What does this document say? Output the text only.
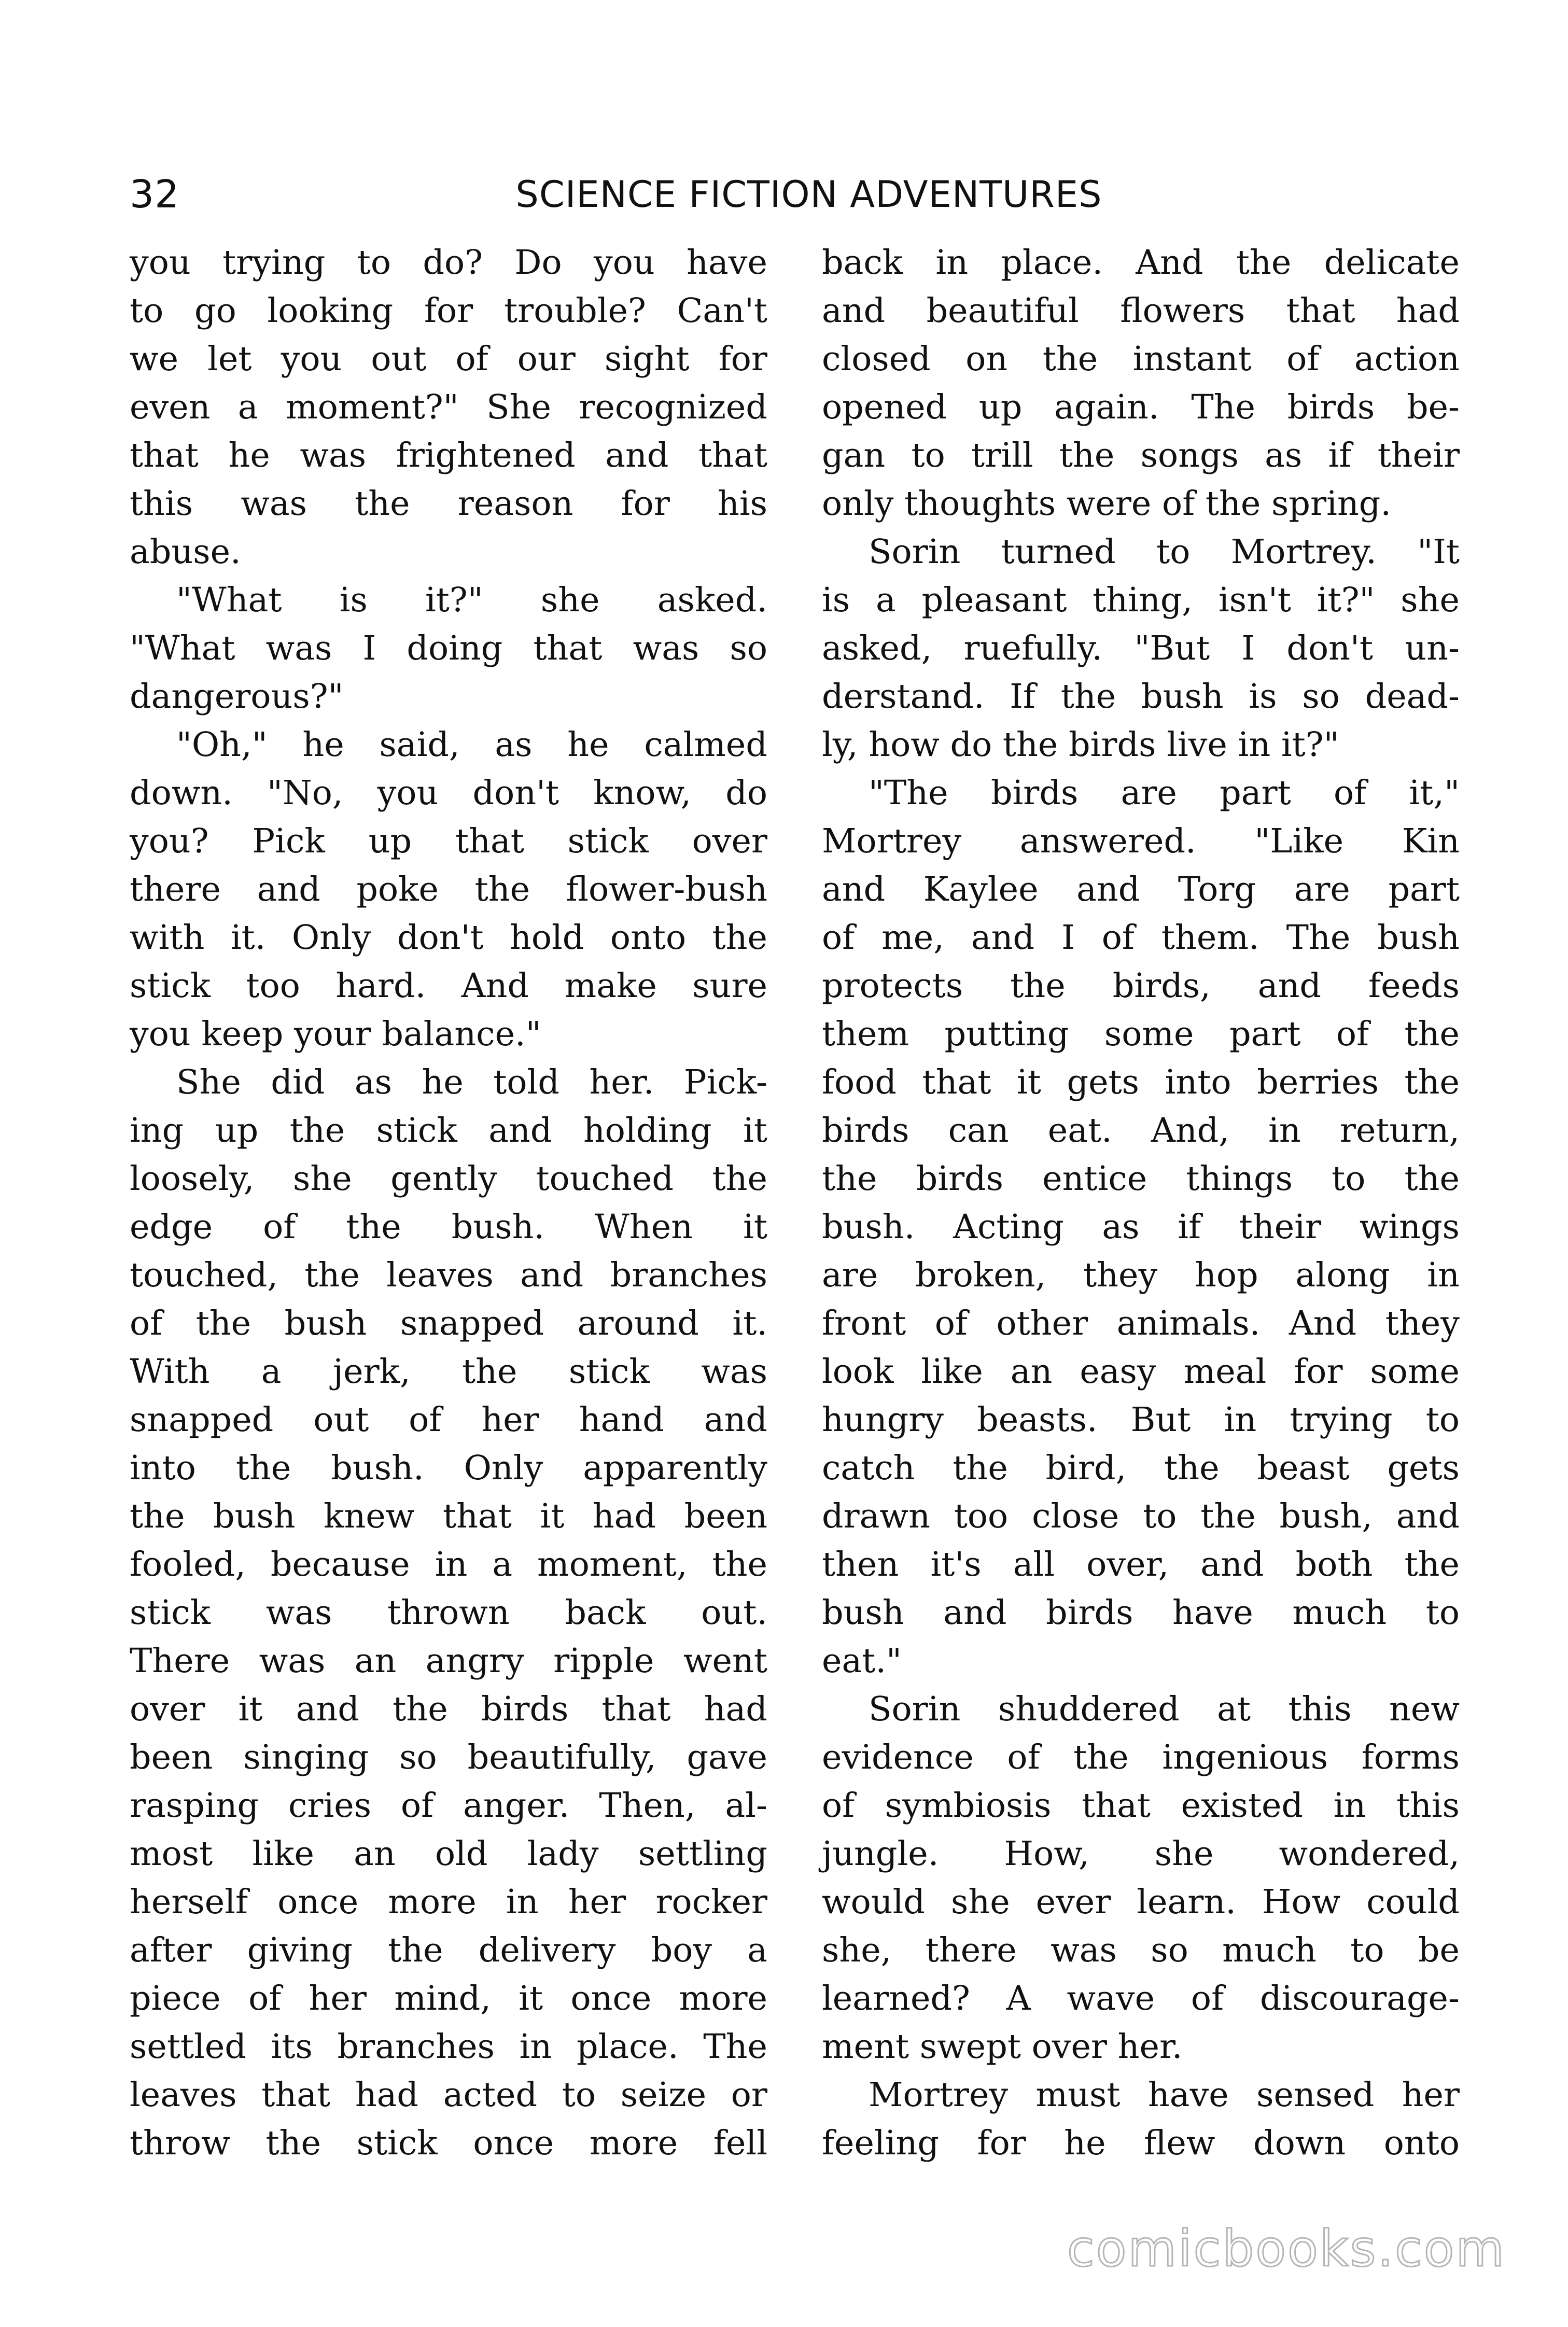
32	SCIENCE FICTION ADVENTURES
you trying to do? Do you have
to go looking for trouble? Can't
we let you out of our sight for
even a moment?" She recognized
that he was frightened and that
this was the reason for his
abuse.
"What is it?" she asked.
"What was I doing that was so
dangerous?"
"Oh," he said, as he calmed
down. "No, you don't know, do
you? Pick up that stick over
there and poke the flower-bush
with it. Only don't hold onto the
stick too hard. And make sure
you keep your balance."
She did as he told her. Pick-
ing up the stick and holding it
loosely, she gently touched the
edge of the bush. When it
touched, the leaves and branches
of the bush snapped around it.
With a jerk, the stick was
snapped out of her hand and
into the bush. Only apparently
the bush knew that it had been
fooled, because in a moment, the
stick was thrown back out.
There was an angry ripple went
over it and the birds that had
been singing so beautifully, gave
rasping cries of anger. Then, al-
most like an old lady settling
herself once more in her rocker
after giving the delivery boy a
piece of her mind, it once more
settled its branches in place. The
leaves that had acted to seize or
throw the stick once more fell
back in place. And the delicate
and beautiful flowers that had
closed on the instant of action
opened up again. The birds be-
gan to trill the songs as if their
only thoughts were of the spring.
Sorin turned to Mortrey. "It
is a pleasant thing, isn't it?" she
asked, ruefully. "But I don't un-
derstand. If the bush is so dead-
ly, how do the birds live in it?"
"The birds are part of it,"
Mortrey answered. "Like Kin
and Kaylee and Torg are part
of me, and I of them. The bush
protects the birds, and feeds
them putting some part of the
food that it gets into berries the
birds can eat. And, in return,
the birds entice things to the
bush. Acting as if their wings
are broken, they hop along in
front of other animals. And they
look like an easy meal for some
hungry beasts. But in trying to
catch the bird, the beast gets
drawn too close to the bush, and
then it's all over, and both the
bush and birds have much to
eat."
Sorin shuddered at this new
evidence of the ingenious forms
of symbiosis that existed in this
jungle. How, she wondered,
would she ever learn. How could
she, there was so much to be
learned? A wave of discourage-
ment swept over her.
Mortrey must have sensed her
feeling for he flew down onto
comicbooks.com
